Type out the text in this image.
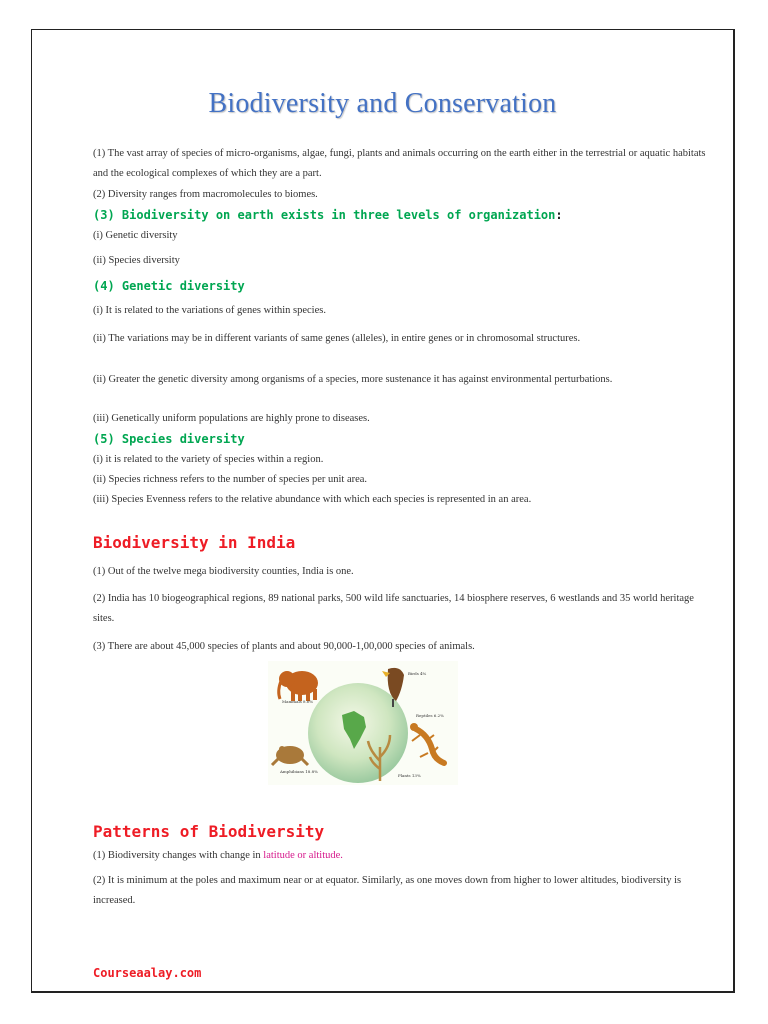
Biodiversity and Conservation
(1) The vast array of species of micro-organisms, algae, fungi, plants and animals occurring on the earth either in the terrestrial or aquatic habitats and the ecological complexes of which they are a part.
(2) Diversity ranges from macromolecules to biomes.
(3) Biodiversity on earth exists in three levels of organization:
(i) Genetic diversity
(ii) Species diversity
(4) Genetic diversity
(i) It is related to the variations of genes within species.
(ii) The variations may be in different variants of same genes (alleles), in entire genes or in chromosomal structures.
(ii) Greater the genetic diversity among organisms of a species, more sustenance it has against environmental perturbations.
(iii) Genetically uniform populations are highly prone to diseases.
(5) Species diversity
(i) it is related to the variety of species within a region.
(ii) Species richness refers to the number of species per unit area.
(iii) Species Evenness refers to the relative abundance with which each species is represented in an area.
Biodiversity in India
(1) Out of the twelve mega biodiversity counties, India is one.
(2) India has 10 biogeographical regions, 89 national parks, 500 wild life sanctuaries, 14 biosphere reserves, 6 westlands and 35 world heritage sites.
(3) There are about 45,000 species of plants and about 90,000-1,00,000 species of animals.
Mammals 8.6%
Birds 4%
Reptiles 6.2%
Amphibians 18.8%
Plants 13%
Patterns of Biodiversity
(1) Biodiversity changes with change in latitude or altitude.
(2) It is minimum at the poles and maximum near or at equator. Similarly, as one moves down from higher to lower altitudes, biodiversity is increased.
Courseaalay.com
